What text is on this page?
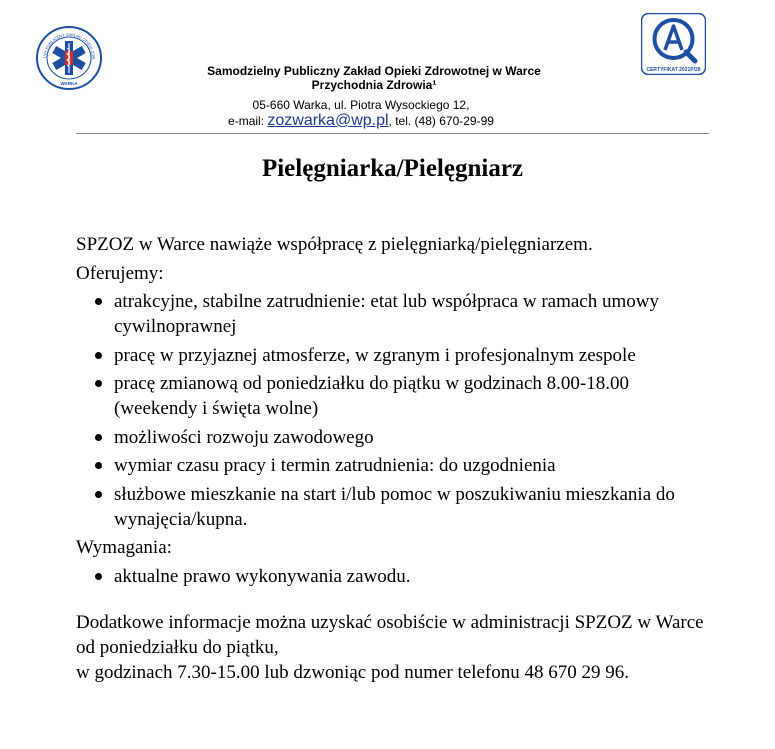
LNY PUBLICZNY ZAKŁAD OPIEKI ZDR
WARKA
CERTYFIKAT 2021P/28
Samodzielny Publiczny Zakład Opieki Zdrowotnej w Warce
Przychodnia Zdrowia¹
05-660 Warka, ul. Piotra Wysockiego 12,
e-mail: zozwarka@wp.pl, tel. (48) 670-29-99
Pielęgniarka/Pielęgniarz

SPZOZ w Warce nawiąże współpracę z pielęgniarką/pielęgniarzem.

Oferujemy:

atrakcyjne, stabilne zatrudnienie: etat lub współpraca w ramach umowy cywilnoprawnej
pracę w przyjaznej atmosferze, w zgranym i profesjonalnym zespole
pracę zmianową od poniedziałku do piątku w godzinach 8.00-18.00 (weekendy i święta wolne)
możliwości rozwoju zawodowego
wymiar czasu pracy i termin zatrudnienia: do uzgodnienia
służbowe mieszkanie na start i/lub pomoc w poszukiwaniu mieszkania do wynajęcia/kupna.

Wymagania:

aktualne prawo wykonywania zawodu.

Dodatkowe informacje można uzyskać osobiście w administracji SPZOZ w Warce od poniedziałku do piątku,

w godzinach 7.30-15.00 lub dzwoniąc pod numer telefonu 48 670 29 96.
